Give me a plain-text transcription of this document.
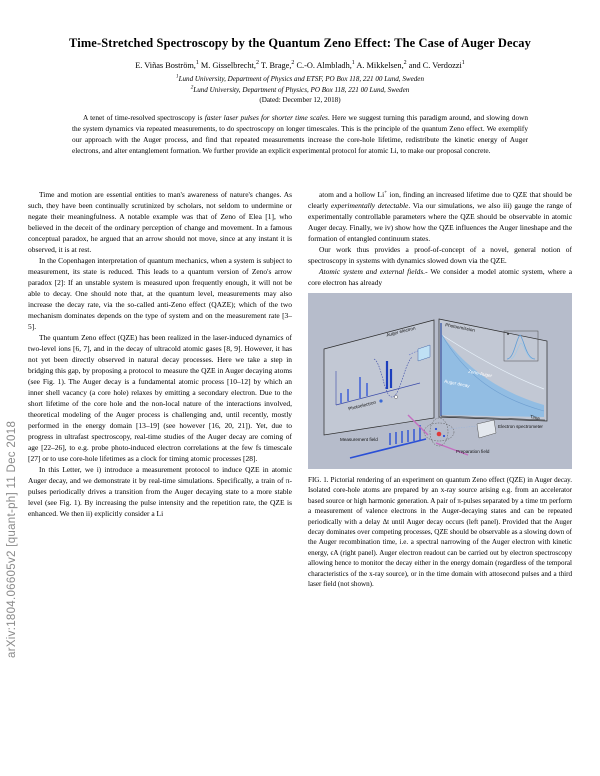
arXiv:1804.06605v2 [quant-ph] 11 Dec 2018
Time-Stretched Spectroscopy by the Quantum Zeno Effect: The Case of Auger Decay
E. Viñas Boström,$^1$ M. Gisselbrecht,$^2$ T. Brage,$^2$ C.-O. Almbladh,$^1$ A. Mikkelsen,$^2$ and C. Verdozzi$^1$
$^1$Lund University, Department of Physics and ETSF, PO Box 118, 221 00 Lund, Sweden
$^2$Lund University, Department of Physics, PO Box 118, 221 00 Lund, Sweden
(Dated: December 12, 2018)
A tenet of time-resolved spectroscopy is faster laser pulses for shorter time scales. Here we suggest turning this paradigm around, and slowing down the system dynamics via repeated measurements, to do spectroscopy on longer timescales. This is the principle of the quantum Zeno effect. We exemplify our approach with the Auger process, and find that repeated measurements increase the core-hole lifetime, redistribute the kinetic energy of Auger electrons, and alter entanglement formation. We further provide an explicit experimental protocol for atomic Li, to make our proposal concrete.

Time and motion are essential entities to man's awareness of nature's changes. As such, they have been continually scrutinized by scholars, not seldom to undermine or negate their meaningfulness. A notable example was that of Zeno of Elea [1], who believed in the deceit of the ordinary perception of change and movement. In a famous conceptual paradox, he argued that an arrow should not move, since at any instant it is observed, it is at rest.

In the Copenhagen interpretation of quantum mechanics, when a system is subject to measurement, its state is reduced. This leads to a quantum version of Zeno's arrow paradox [2]: If an unstable system is measured upon frequently enough, it will not be able to decay. One should note that, at the quantum level, measurements may also increase the decay rate, via the so-called anti-Zeno effect (QAZE); which of the two mechanism dominates depends on the type of system and on the measurement rate [3–5].

The quantum Zeno effect (QZE) has been realized in the laser-induced dynamics of two-level ions [6, 7], and in the decay of ultracold atomic gases [8, 9]. However, it has not yet been directly observed in natural decay processes. Here we take a step in bridging this gap, by proposing a protocol to measure the QZE in Auger decaying atoms (see Fig. 1). The Auger decay is a fundamental atomic process [10–12] by which an inner shell vacancy (a core hole) relaxes by emitting a secondary electron. Due to the short lifetime of the core hole and the non-local nature of the interactions involved, theoretical modeling of the Auger process is challenging and, until recently, mostly performed in the energy domain [13–19] (see however [16, 20, 21]). Yet, due to progress in ultrafast spectroscopy, real-time studies of the Auger decay are coming of age [22–26], to e.g. probe photo-induced electron correlations at the few fs timescale [27] or to use core-hole lifetimes as a clock for timing atomic processes [28].

In this Letter, we i) introduce a measurement protocol to induce QZE in atomic Auger decay, and we demonstrate it by real-time simulations. Specifically, a train of π-pulses periodically drives a transition from the Auger decaying state to a more stable level (see Fig. 1). By increasing the pulse intensity and the repetition rate, the QZE is enhanced. We then ii) explicitly consider a Li

atom and a hollow Li+ ion, finding an increased lifetime due to QZE that should be clearly experimentally detectable. Via our simulations, we also iii) gauge the range of experimentally controllable parameters where the QZE should be observable in atomic Auger decay. Finally, we iv) show how the QZE influences the Auger lineshape and the formation of entangled continuum states.

Our work thus provides a proof-of-concept of a novel, general notion of spectroscopy in systems with dynamics slowed down via the QZE.

Atomic system and external fields.- We consider a model atomic system, where a core electron has already

Auger electron
Photoelectron
Photoemission
Zeno-Auger
Auger decay
Time
Measurement field
Preparation field
Electron spectrometer
FIG. 1. Pictorial rendering of an experiment on quantum Zeno effect (QZE) in Auger decay. Isolated core-hole atoms are prepared by an x-ray source arising e.g. from an accelerator based source or high harmonic generation. A pair of π-pulses separated by a time tm perform a measurement of valence electrons in the Auger-decaying states and can be repeated periodically with a delay Δt until Auger decay occurs (left panel). Provided that the Auger decay dominates over competing processes, QZE should be observable as a slowing down of the Auger recombination time, i.e. a spectral narrowing of the Auger electron with kinetic energy, ϵA (right panel). Auger electron readout can be carried out by electron spectroscopy allowing hence to monitor the decay either in the energy domain (regardless of the temporal characteristics of the x-ray source), or in the time domain with attosecond pulses and a third laser field (not shown).
